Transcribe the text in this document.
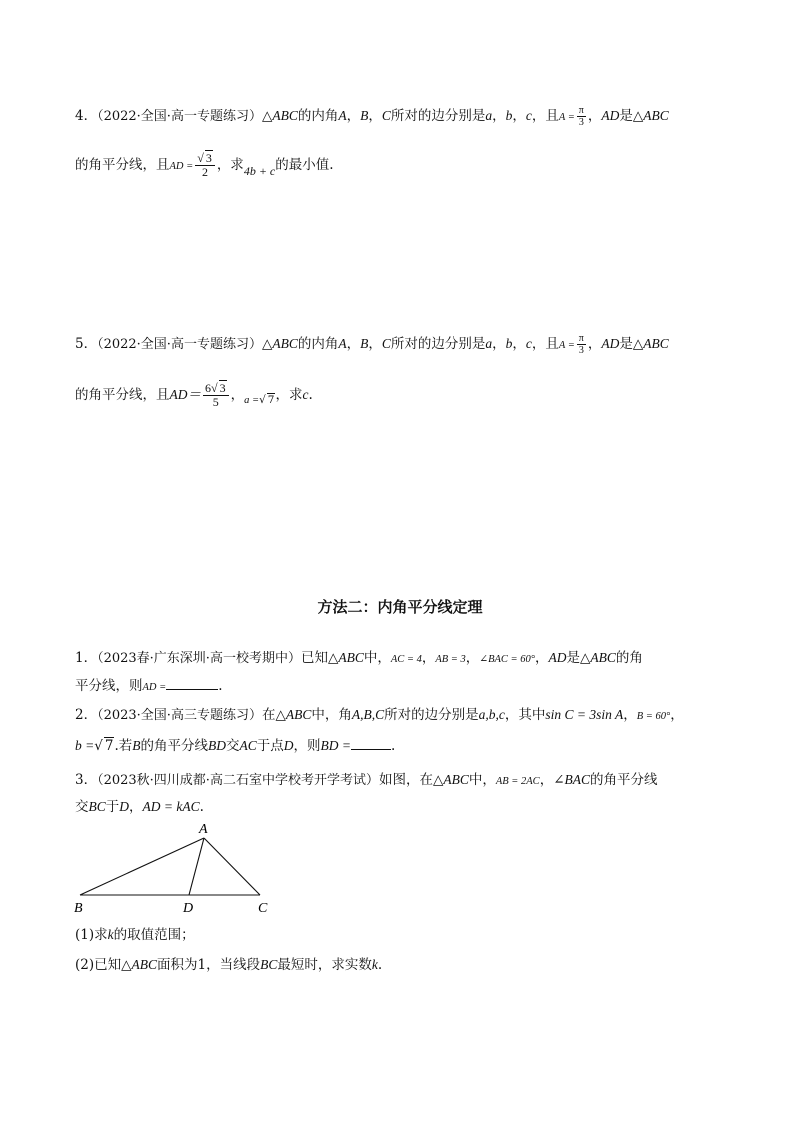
4．（2022·全国·高一专题练习）△ABC的内角A，B，C所对的边分别是a，b，c，且$A = \frac{\pi}{3}$ ，AD是△ABC
的角平分线，且AD = $\frac{√ 3}{2}$ ，求4b + c的最小值.
5．（2022·全国·高一专题练习）△ABC的内角A，B，C所对的边分别是a，b，c，且$A = \frac{\pi}{3}$ ，AD是△ABC
的角平分线，且$AD= \frac{6√ 3}{5}$ ，$_{a =√ 7}$，求c.
方法二：内角平分线定理
1．（2023春·广东深圳·高一校考期中）已知△ABC中，AC = 4，AB = 3，∠BAC = 60°，AD是△ABC的角
平分线，则AD =	.
2．（2023·全国·高三专题练习）在△ABC中，角A,B,C所对的边分别是a,b,c，其中sin C = 3sin A，B = 60°，
b =√ 7.若B的角平分线BD交AC于点D，则BD =	.
3．（2023秋·四川成都·高二石室中学校考开学考试）如图，在△ABC中，AB = 2AC，∠BAC的角平分线
交BC于D，AD = kAC.
A
B	D	C
(1)求k的取值范围；
(2)已知△ABC面积为1，当线段BC最短时，求实数k.
